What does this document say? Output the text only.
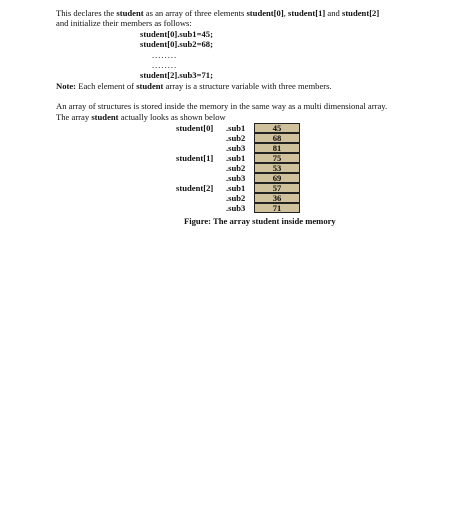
This declares the student as an array of three elements student[0], student[1] and student[2]

and initialize their members as follows:

student[0].sub1=45;

student[0].sub2=68;

........

........

student[2].sub3=71;

Note: Each element of student array is a structure variable with three members.

An array of structures is stored inside the memory in the same way as a multi dimensional array.

The array student actually looks as shown below

student[0] .sub1	45
.sub2	68
.sub3	81
student[1] .sub1	75
.sub2	53
.sub3	69
student[2] .sub1	57
.sub2	36
.sub3	71

Figure: The array student inside memory
